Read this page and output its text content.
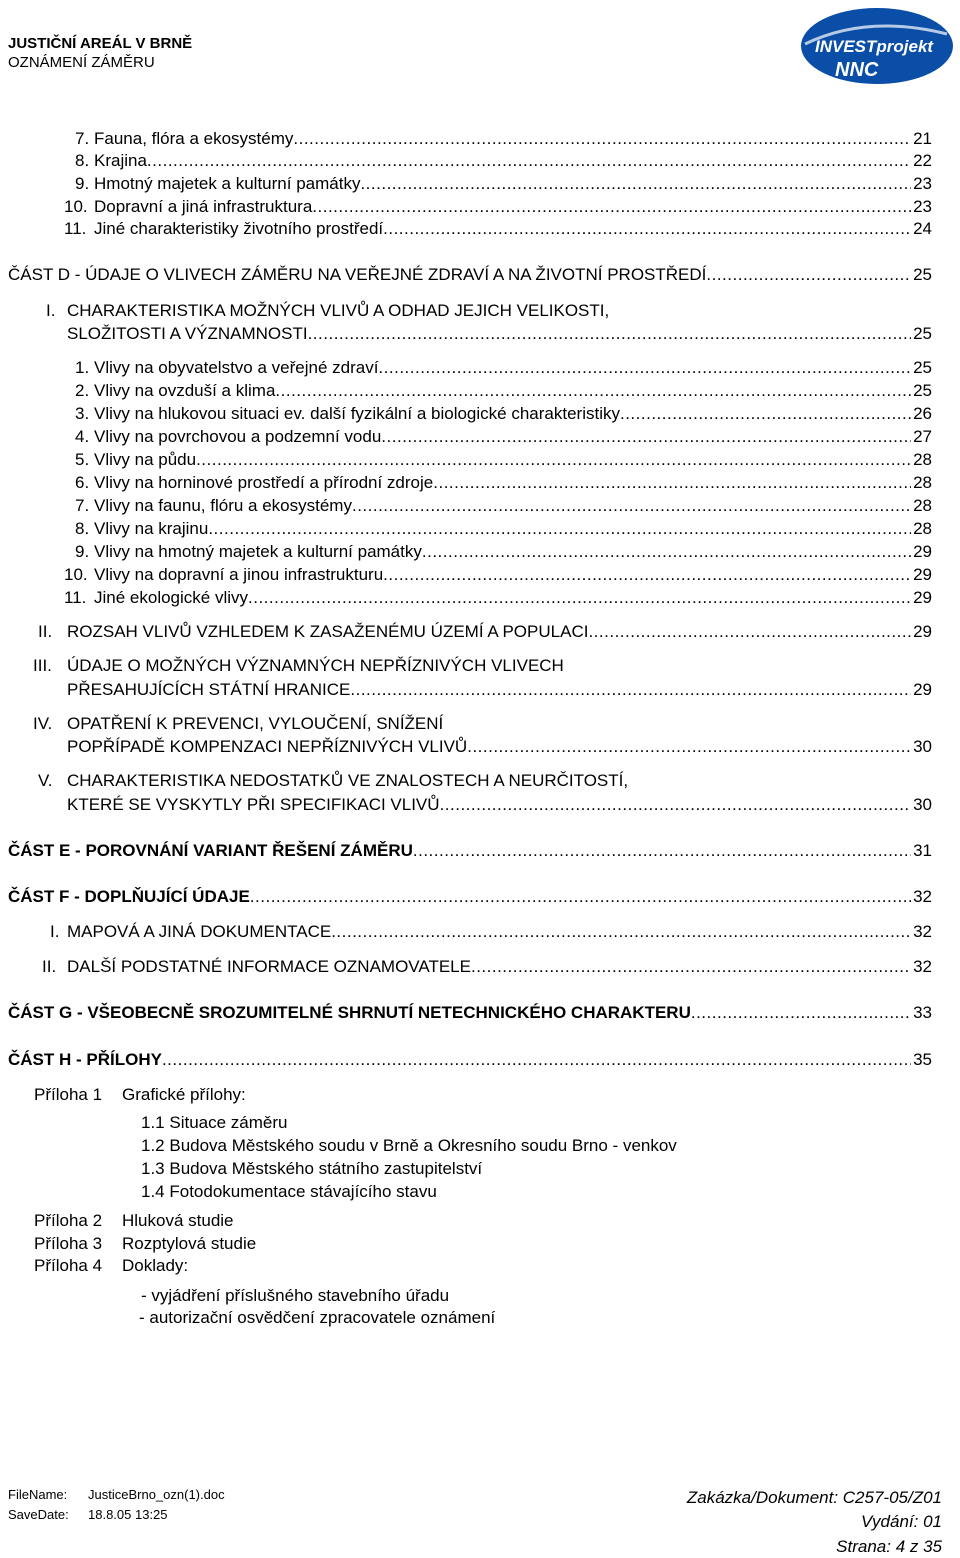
JUSTIČNÍ AREÁL V BRNĚ
OZNÁMENÍ ZÁMĚRU
INVESTprojekt
NNC
7. Fauna, flóra a ekosystémy .....	21
8. Krajina .....	22
9. Hmotný majetek a kulturní památky .....	23
10. Dopravní a jiná infrastruktura .....	23
11. Jiné charakteristiky životního prostředí .....	24
ČÁST D - ÚDAJE O VLIVECH ZÁMĚRU NA VEŘEJNÉ ZDRAVÍ A NA ŽIVOTNÍ PROSTŘEDÍ .....	25
I. CHARAKTERISTIKA MOŽNÝCH VLIVŮ A ODHAD JEJICH VELIKOSTI,
SLOŽITOSTI A VÝZNAMNOSTI .....	25
1. Vlivy na obyvatelstvo a veřejné zdraví .....	25
2. Vlivy na ovzduší a klima .....	25
3. Vlivy na hlukovou situaci ev. další fyzikální a biologické charakteristiky .....	26
4. Vlivy na povrchovou a podzemní vodu .....	27
5. Vlivy na půdu .....	28
6. Vlivy na horninové prostředí a přírodní zdroje .....	28
7. Vlivy na faunu, flóru a ekosystémy .....	28
8. Vlivy na krajinu .....	28
9. Vlivy na hmotný majetek a kulturní památky .....	29
10. Vlivy na dopravní a jinou infrastrukturu .....	29
11. Jiné ekologické vlivy .....	29
II. ROZSAH VLIVŮ VZHLEDEM K ZASAŽENÉMU ÚZEMÍ A POPULACI .....	29
III. ÚDAJE O MOŽNÝCH VÝZNAMNÝCH NEPŘÍZNIVÝCH VLIVECH
PŘESAHUJÍCÍCH STÁTNÍ HRANICE .....	29
IV. OPATŘENÍ K PREVENCI, VYLOUČENÍ, SNÍŽENÍ
POPŘÍPADĚ KOMPENZACI NEPŘÍZNIVÝCH VLIVŮ .....	30
V. CHARAKTERISTIKA NEDOSTATKŮ VE ZNALOSTECH A NEURČITOSTÍ,
KTERÉ SE VYSKYTLY PŘI SPECIFIKACI VLIVŮ .....	30
ČÁST E - POROVNÁNÍ VARIANT ŘEŠENÍ ZÁMĚRU .....	31
ČÁST F - DOPLŇUJÍCÍ ÚDAJE .....	32
I. MAPOVÁ A JINÁ DOKUMENTACE .....	32
II. DALŠÍ PODSTATNÉ INFORMACE OZNAMOVATELE .....	32
ČÁST G - VŠEOBECNĚ SROZUMITELNÉ SHRNUTÍ NETECHNICKÉHO CHARAKTERU .....	33
ČÁST H - PŘÍLOHY .....	35
Příloha 1 Grafické přílohy:
1.1 Situace záměru
1.2 Budova Městského soudu v Brně a Okresního soudu Brno - venkov
1.3 Budova Městského státního zastupitelství
1.4 Fotodokumentace stávajícího stavu
Příloha 2 Hluková studie
Příloha 3 Rozptylová studie
Příloha 4 Doklady:
- vyjádření příslušného stavebního úřadu
- autorizační osvědčení zpracovatele oznámení
FileName: JusticeBrno_ozn(1).doc
SaveDate: 18.8.05 13:25
Zakázka/Dokument: C257-05/Z01
Vydání: 01
Strana: 4 z 35
